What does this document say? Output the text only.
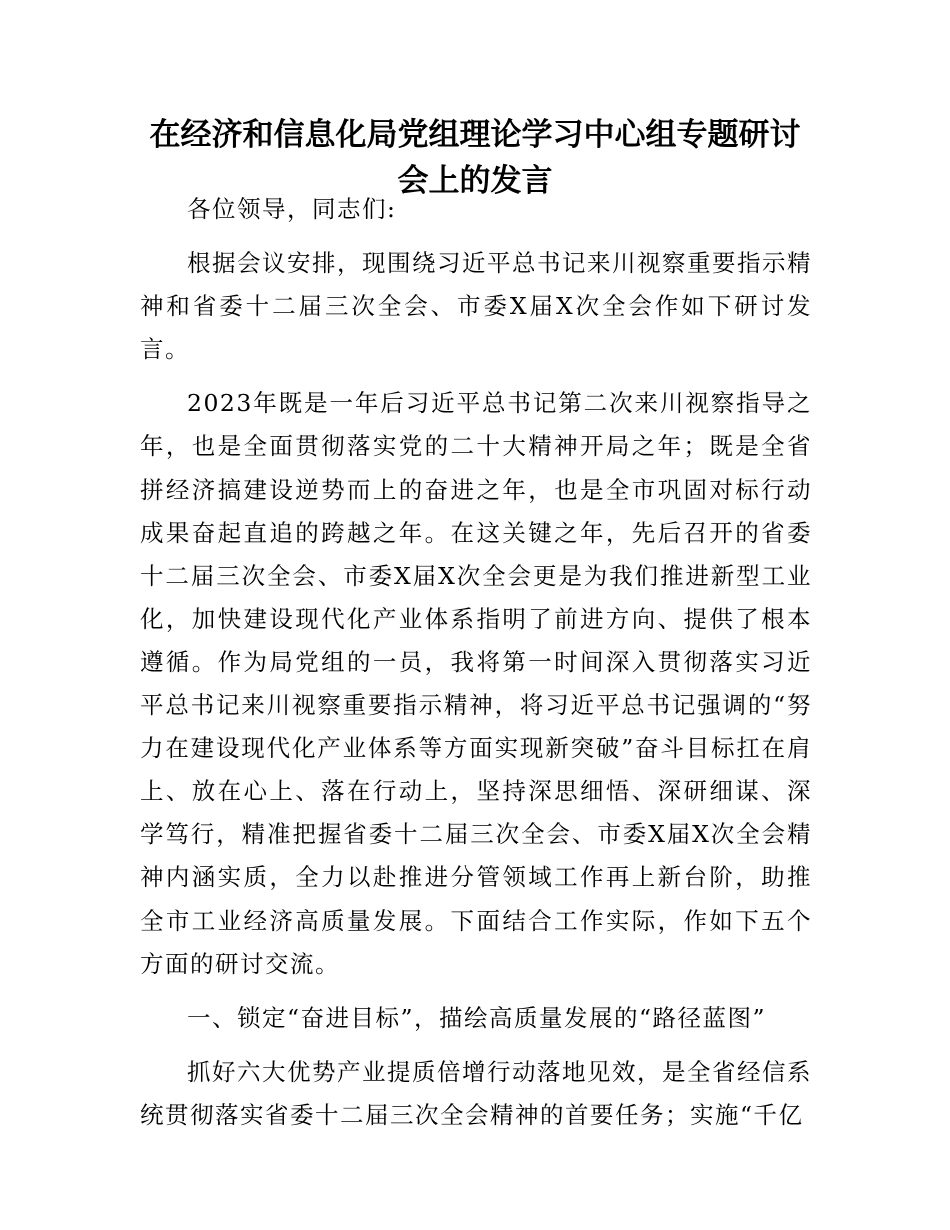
在经济和信息化局党组理论学习中心组专题研讨会上的发言

各位领导，同志们:

根据会议安排，现围绕习近平总书记来川视察重要指示精神和省委十二届三次全会、市委X届X次全会作如下研讨发言。

2023年既是一年后习近平总书记第二次来川视察指导之年，也是全面贯彻落实党的二十大精神开局之年；既是全省拼经济搞建设逆势而上的奋进之年，也是全市巩固对标行动成果奋起直追的跨越之年。在这关键之年，先后召开的省委十二届三次全会、市委X届X次全会更是为我们推进新型工业化，加快建设现代化产业体系指明了前进方向、提供了根本遵循。作为局党组的一员，我将第一时间深入贯彻落实习近平总书记来川视察重要指示精神，将习近平总书记强调的“努力在建设现代化产业体系等方面实现新突破”奋斗目标扛在肩上、放在心上、落在行动上，坚持深思细悟、深研细谋、深学笃行，精准把握省委十二届三次全会、市委X届X次全会精神内涵实质，全力以赴推进分管领域工作再上新台阶，助推全市工业经济高质量发展。下面结合工作实际，作如下五个方面的研讨交流。

一、锁定“奋进目标”，描绘高质量发展的“路径蓝图”

抓好六大优势产业提质倍增行动落地见效，是全省经信系统贯彻落实省委十二届三次全会精神的首要任务；实施“千亿
